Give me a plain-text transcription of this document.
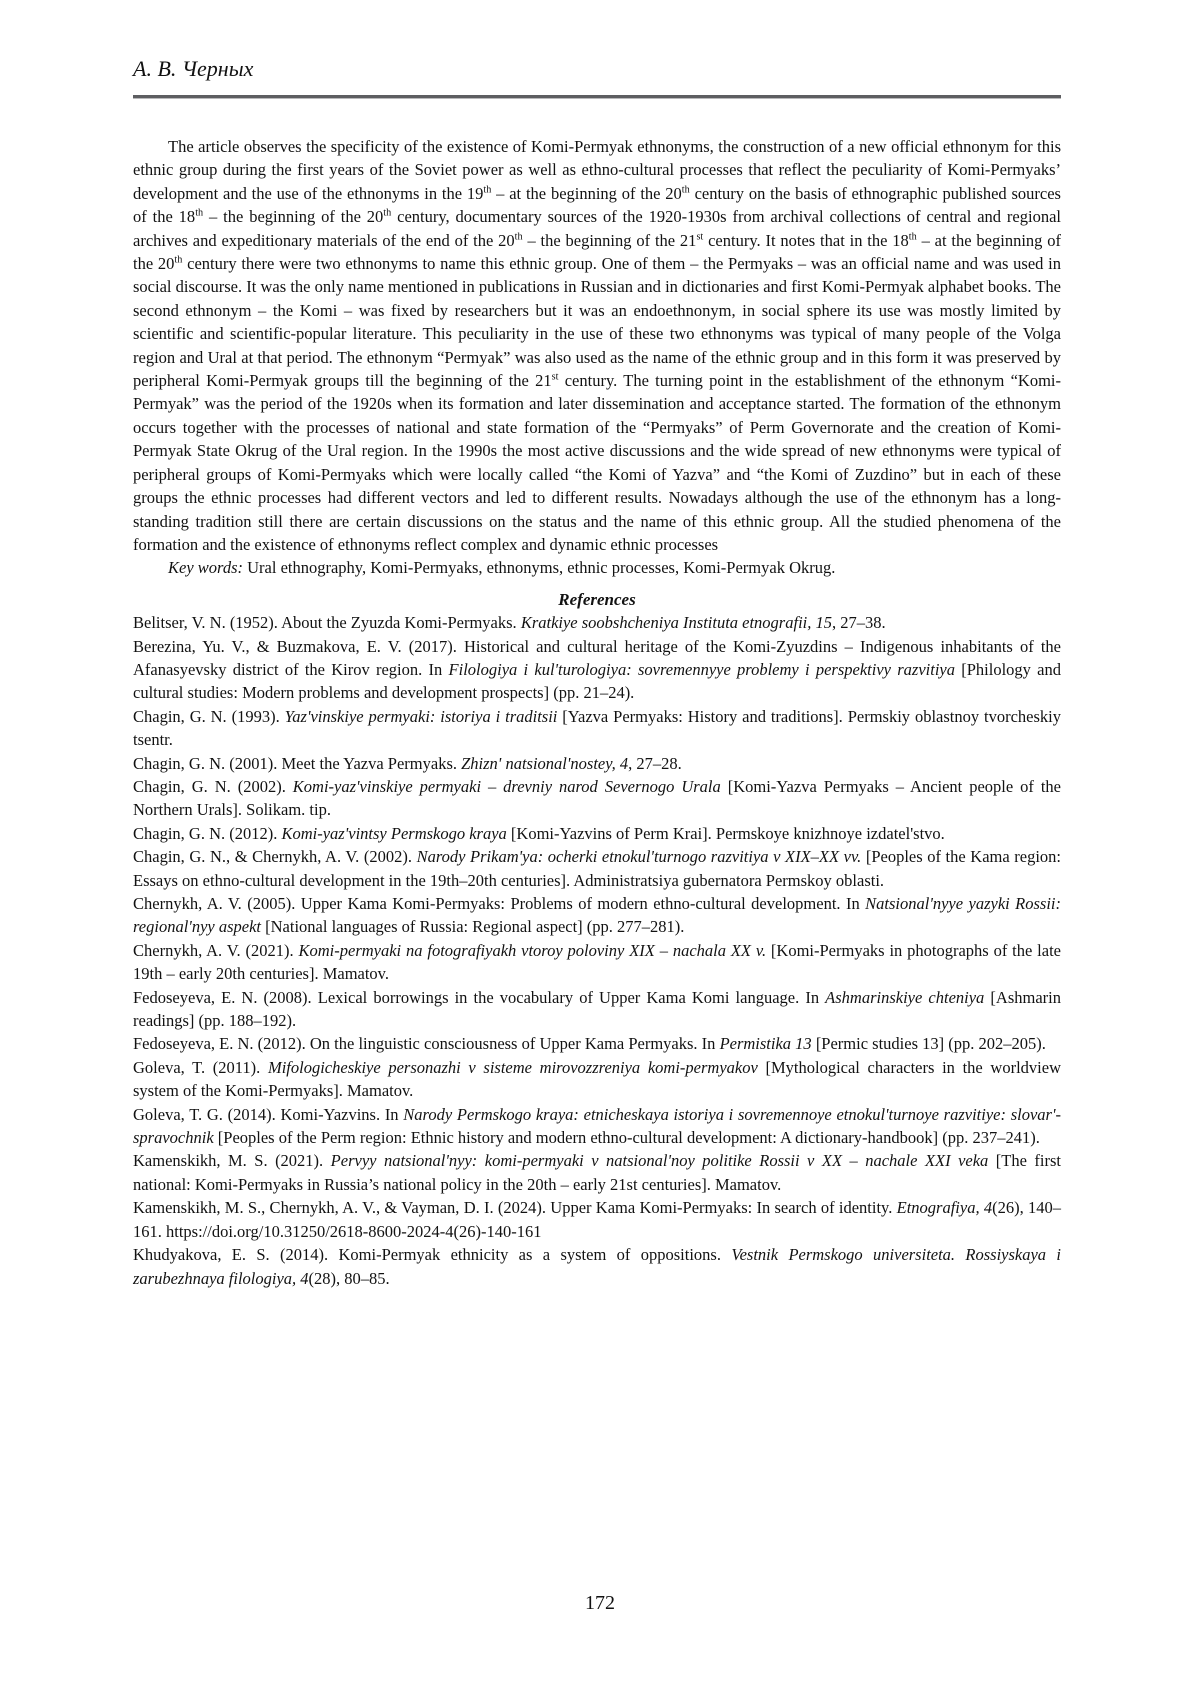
А. В. Черных

The article observes the specificity of the existence of Komi-Permyak ethnonyms, the construction of a new official ethnonym for this ethnic group during the first years of the Soviet power as well as ethno-cultural processes that reflect the peculiarity of Komi-Permyaks’ development and the use of the ethnonyms in the 19th – at the beginning of the 20th century on the basis of ethnographic published sources of the 18th – the beginning of the 20th century, documentary sources of the 1920-1930s from archival collections of central and regional archives and expeditionary materials of the end of the 20th – the beginning of the 21st century. It notes that in the 18th – at the beginning of the 20th century there were two ethnonyms to name this ethnic group. One of them – the Permyaks – was an official name and was used in social discourse. It was the only name mentioned in publications in Russian and in dictionaries and first Komi-Permyak alphabet books. The second ethnonym – the Komi – was fixed by researchers but it was an endoethnonym, in social sphere its use was mostly limited by scientific and scientific-popular literature. This peculiarity in the use of these two ethnonyms was typical of many people of the Volga region and Ural at that period. The ethnonym “Permyak” was also used as the name of the ethnic group and in this form it was preserved by peripheral Komi-Permyak groups till the beginning of the 21st century. The turning point in the establishment of the ethnonym “Komi-Permyak” was the period of the 1920s when its formation and later dissemination and acceptance started. The formation of the ethnonym occurs together with the processes of national and state formation of the “Permyaks” of Perm Governorate and the creation of Komi-Permyak State Okrug of the Ural region. In the 1990s the most active discussions and the wide spread of new ethnonyms were typical of peripheral groups of Komi-Permyaks which were locally called “the Komi of Yazva” and “the Komi of Zuzdino” but in each of these groups the ethnic processes had different vectors and led to different results. Nowadays although the use of the ethnonym has a long-standing tradition still there are certain discussions on the status and the name of this ethnic group. All the studied phenomena of the formation and the existence of ethnonyms reflect complex and dynamic ethnic processes

Key words: Ural ethnography, Komi-Permyaks, ethnonyms, ethnic processes, Komi-Permyak Okrug.

References

Belitser, V. N. (1952). About the Zyuzda Komi-Permyaks. Kratkiye soobshcheniya Instituta etnografii, 15, 27–38.

Berezina, Yu. V., & Buzmakova, E. V. (2017). Historical and cultural heritage of the Komi-Zyuzdins – Indigenous inhabitants of the Afanasyevsky district of the Kirov region. In Filologiya i kul'turologiya: sovremennyye problemy i perspektivy razvitiya [Philology and cultural studies: Modern problems and development prospects] (pp. 21–24).

Chagin, G. N. (1993). Yaz'vinskiye permyaki: istoriya i traditsii [Yazva Permyaks: History and traditions]. Permskiy oblastnoy tvorcheskiy tsentr.

Chagin, G. N. (2001). Meet the Yazva Permyaks. Zhizn' natsional'nostey, 4, 27–28.

Chagin, G. N. (2002). Komi-yaz'vinskiye permyaki – drevniy narod Severnogo Urala [Komi-Yazva Permyaks – Ancient people of the Northern Urals]. Solikam. tip.

Chagin, G. N. (2012). Komi-yaz'vintsy Permskogo kraya [Komi-Yazvins of Perm Krai]. Permskoye knizhnoye izdatel'stvo.

Chagin, G. N., & Chernykh, A. V. (2002). Narody Prikam'ya: ocherki etnokul'turnogo razvitiya v XIX–XX vv. [Peoples of the Kama region: Essays on ethno-cultural development in the 19th–20th centuries]. Administratsiya gubernatora Permskoy oblasti.

Chernykh, A. V. (2005). Upper Kama Komi-Permyaks: Problems of modern ethno-cultural development. In Natsional'nyye yazyki Rossii: regional'nyy aspekt [National languages of Russia: Regional aspect] (pp. 277–281).

Chernykh, A. V. (2021). Komi-permyaki na fotografiyakh vtoroy poloviny XIX – nachala XX v. [Komi-Permyaks in photographs of the late 19th – early 20th centuries]. Mamatov.

Fedoseyeva, E. N. (2008). Lexical borrowings in the vocabulary of Upper Kama Komi language. In Ashmarinskiye chteniya [Ashmarin readings] (pp. 188–192).

Fedoseyeva, E. N. (2012). On the linguistic consciousness of Upper Kama Permyaks. In Permistika 13 [Permic studies 13] (pp. 202–205).

Goleva, T. (2011). Mifologicheskiye personazhi v sisteme mirovozzreniya komi-permyakov [Mythological characters in the worldview system of the Komi-Permyaks]. Mamatov.

Goleva, T. G. (2014). Komi-Yazvins. In Narody Permskogo kraya: etnicheskaya istoriya i sovremennoye etnokul'turnoye razvitiye: slovar'-spravochnik [Peoples of the Perm region: Ethnic history and modern ethno-cultural development: A dictionary-handbook] (pp. 237–241).

Kamenskikh, M. S. (2021). Pervyy natsional'nyy: komi-permyaki v natsional'noy politike Rossii v XX – nachale XXI veka [The first national: Komi-Permyaks in Russia’s national policy in the 20th – early 21st centuries]. Mamatov.

Kamenskikh, M. S., Chernykh, A. V., & Vayman, D. I. (2024). Upper Kama Komi-Permyaks: In search of identity. Etnografiya, 4(26), 140–161. https://doi.org/10.31250/2618-8600-2024-4(26)-140-161

Khudyakova, E. S. (2014). Komi-Permyak ethnicity as a system of oppositions. Vestnik Permskogo universiteta. Rossiyskaya i zarubezhnaya filologiya, 4(28), 80–85.

172
